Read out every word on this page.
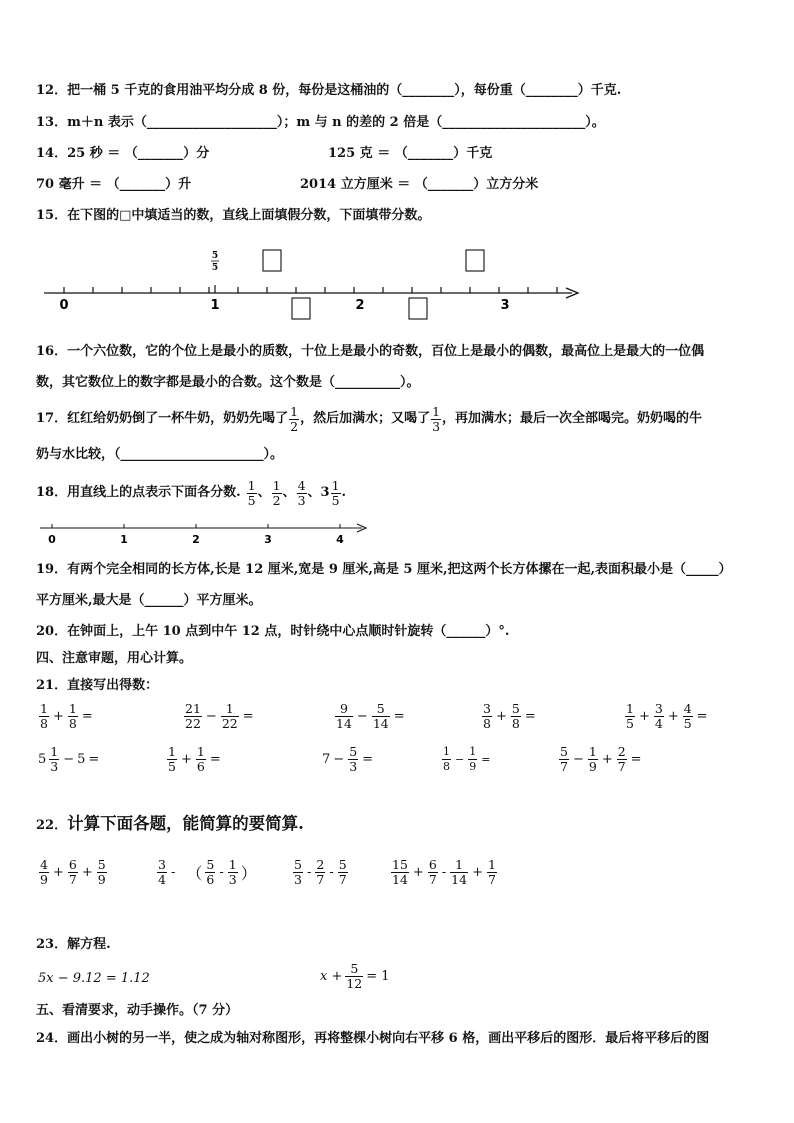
12．把一桶 5 千克的食用油平均分成 8 份，每份是这桶油的（________），每份重（________）千克.
13．m＋n 表示（____________________）；m 与 n 的差的 2 倍是（______________________）。
14．25 秒 ＝ （_______）分	125 克 ＝ （_______）千克
70 毫升 ＝ （_______）升	2014 立方厘米 ＝ （_______）立方分米
15．在下图的□中填适当的数，直线上面填假分数，下面填带分数。
5
5
0	1	2	3
16．一个六位数，它的个位上是最小的质数，十位上是最小的奇数，百位上是最小的偶数，最高位上是最大的一位偶
数，其它数位上的数字都是最小的合数。这个数是（__________）。
17． 红红给奶奶倒了一杯牛奶，奶奶先喝了 $\frac{1}{2}$ ，然后加满水；又喝了 $\frac{1}{3}$ ，再加满水；最后一次全部喝完。奶奶喝的牛
奶与水比较，（______________________）。
18． 用直线上的点表示下面各分数. $\frac{1}{5}$ 、 $\frac{1}{2}$ 、 $\frac{4}{3}$ 、 $3 \frac{1}{5}$ .
0	1	2	3	4
19．有两个完全相同的长方体,长是 12 厘米,宽是 9 厘米,高是 5 厘米,把这两个长方体摞在一起,表面积最小是（_____）
平方厘米,最大是（______）平方厘米。
20．在钟面上，上午 10 点到中午 12 点，时针绕中心点顺时针旋转（______）°.
四、注意审题，用心计算。
21．直接写出得数：
$\frac{1}{8} + \frac{1}{8}$ =	$\frac{21}{22} - \frac{1}{22}$ =	$\frac{9}{14} - \frac{5}{14}$ =	$\frac{3}{8} + \frac{5}{8}$ =	$\frac{1}{5} + \frac{3}{4} + \frac{4}{5}$ =
$5 \frac{1}{3} - 5$ =	$\frac{1}{5} + \frac{1}{6}$ =	$7 - \frac{5}{3}$ =	$\frac{1}{8} - \frac{1}{9}$ =	$\frac{5}{7} - \frac{1}{9} + \frac{2}{7}$ =
22．计算下面各题，能简算的要简算.
$\frac{4}{9} + \frac{6}{7} + \frac{5}{9}$	$\frac{3}{4}$ - （ $\frac{5}{6} - \frac{1}{3}$ ）	$\frac{5}{3} - \frac{2}{7} - \frac{5}{7}$	$\frac{15}{14} + \frac{6}{7} - \frac{1}{14} + \frac{1}{7}$
23．解方程.
5x − 9.12 = 1.12	$x + \frac{5}{12} = 1$
五、看清要求，动手操作。（7 分）
24．画出小树的另一半，使之成为轴对称图形，再将整棵小树向右平移 6 格，画出平移后的图形．最后将平移后的图
